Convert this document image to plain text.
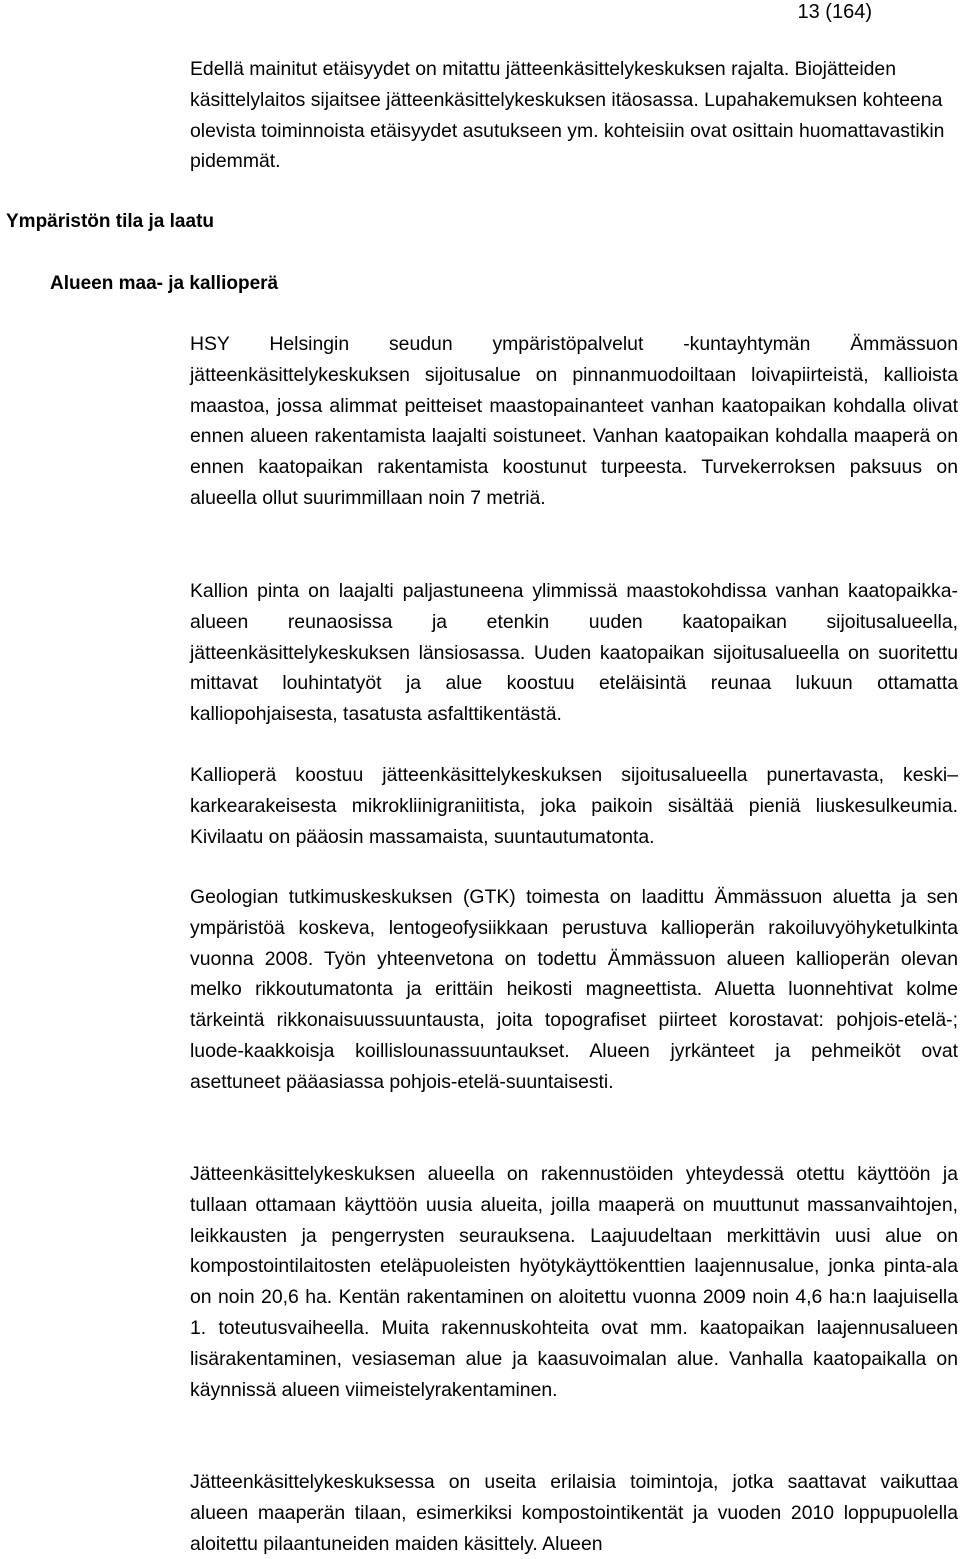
13 (164)

Edellä mainitut etäisyydet on mitattu jätteenkäsittelykeskuksen rajalta. Biojätteiden käsittelylaitos sijaitsee jätteenkäsittelykeskuksen itäosassa. Lupahakemuksen kohteena olevista toiminnoista etäisyydet asutukseen ym. kohteisiin ovat osittain huomattavastikin pidemmät.

Ympäristön tila ja laatu
Alueen maa- ja kallioperä

HSY Helsingin seudun ympäristöpalvelut -kuntayhtymän Ämmässuon jätteenkäsittelykeskuksen sijoitusalue on pinnanmuodoiltaan loivapiirteistä, kallioista maastoa, jossa alimmat peitteiset maastopainanteet vanhan kaatopaikan kohdalla olivat ennen alueen rakentamista laajalti soistuneet. Vanhan kaatopaikan kohdalla maaperä on ennen kaatopaikan rakentamista koostunut turpeesta. Turvekerroksen paksuus on alueella ollut suurimmillaan noin 7 metriä.

Kallion pinta on laajalti paljastuneena ylimmissä maastokohdissa vanhan kaatopaikka-alueen reunaosissa ja etenkin uuden kaatopaikan sijoitusalueella, jätteenkäsittelykeskuksen länsiosassa. Uuden kaatopaikan sijoitusalueella on suoritettu mittavat louhintatyöt ja alue koostuu eteläisintä reunaa lukuun ottamatta kalliopohjaisesta, tasatusta asfalttikentästä.

Kallioperä koostuu jätteenkäsittelykeskuksen sijoitusalueella punertavasta, keski–karkearakeisesta mikrokliinigraniitista, joka paikoin sisältää pieniä liuskesulkeumia. Kivilaatu on pääosin massamaista, suuntautumatonta.

Geologian tutkimuskeskuksen (GTK) toimesta on laadittu Ämmässuon aluetta ja sen ympäristöä koskeva, lentogeofysiikkaan perustuva kallioperän rakoiluvyöhyketulkinta vuonna 2008. Työn yhteenvetona on todettu Ämmässuon alueen kallioperän olevan melko rikkoutumatonta ja erittäin heikosti magneettista. Aluetta luonnehtivat kolme tärkeintä rikkonaisuussuuntausta, joita topografiset piirteet korostavat: pohjois-etelä-; luode-kaakkoisja koillislounassuuntaukset. Alueen jyrkänteet ja pehmeiköt ovat asettuneet pääasiassa pohjois-etelä-suuntaisesti.

Jätteenkäsittelykeskuksen alueella on rakennustöiden yhteydessä otettu käyttöön ja tullaan ottamaan käyttöön uusia alueita, joilla maaperä on muuttunut massanvaihtojen, leikkausten ja pengerrysten seurauksena. Laajuudeltaan merkittävin uusi alue on kompostointilaitosten eteläpuoleisten hyötykäyttökenttien laajennusalue, jonka pinta-ala on noin 20,6 ha. Kentän rakentaminen on aloitettu vuonna 2009 noin 4,6 ha:n laajuisella 1. toteutusvaiheella. Muita rakennuskohteita ovat mm. kaatopaikan laajennusalueen lisärakentaminen, vesiaseman alue ja kaasuvoimalan alue. Vanhalla kaatopaikalla on käynnissä alueen viimeistelyrakentaminen.

Jätteenkäsittelykeskuksessa on useita erilaisia toimintoja, jotka saattavat vaikuttaa alueen maaperän tilaan, esimerkiksi kompostointikentät ja vuoden 2010 loppupuolella aloitettu pilaantuneiden maiden käsittely. Alueen
